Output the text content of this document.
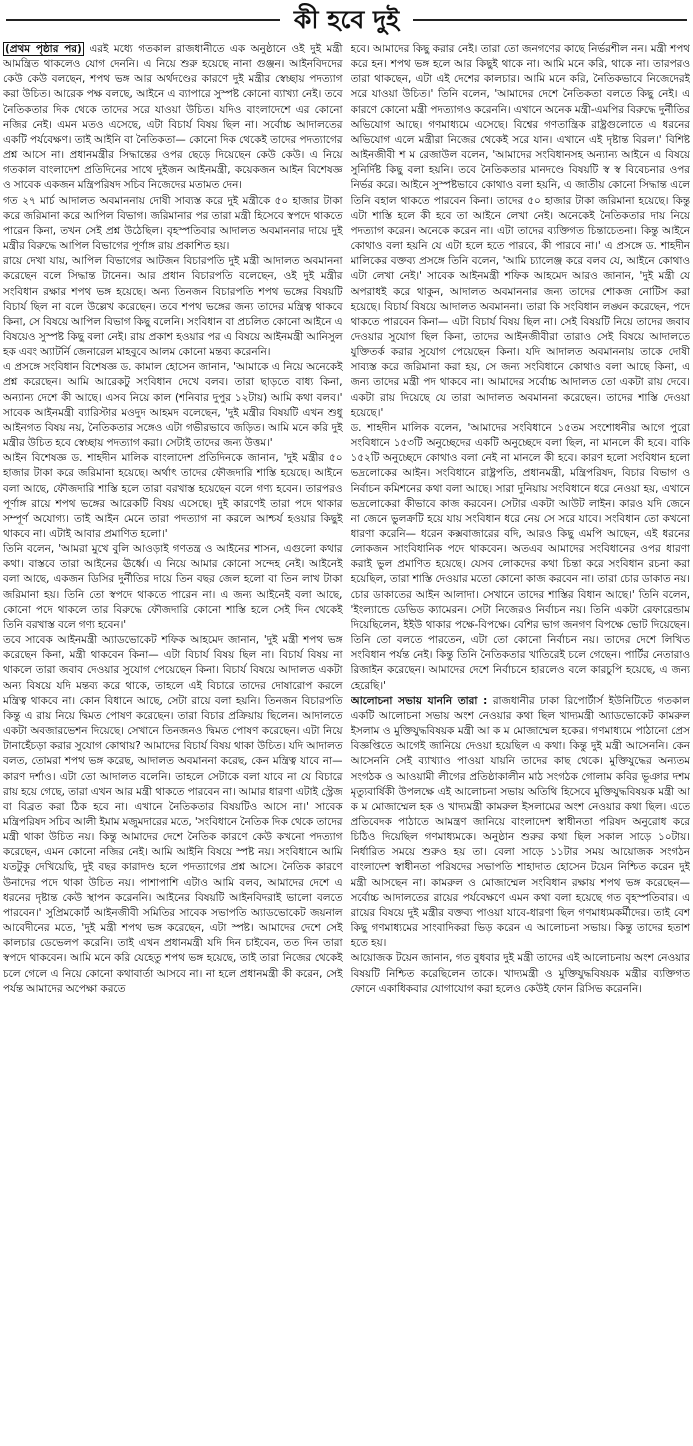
কী হবে দুই

(প্রথম পৃষ্ঠার পর) এরই মধ্যে গতকাল রাজধানীতে এক অনুষ্ঠানে ওই দুই মন্ত্রী আমন্ত্রিত থাকলেও যোগ দেননি। এ নিয়ে শুরু হয়েছে নানা গুঞ্জন। আইনবিদদের কেউ কেউ বলছেন, শপথ ভঙ্গ আর অর্থদণ্ডের কারণে দুই মন্ত্রীর স্বেচ্ছায় পদত্যাগ করা উচিত। আরেক পক্ষ বলছে, আইনে এ ব্যাপারে সুস্পষ্ট কোনো ব্যাখ্যা নেই। তবে নৈতিকতার দিক থেকে তাদের সরে যাওয়া উচিত। যদিও বাংলাদেশে এর কোনো নজির নেই। এমন মতও এসেছে, এটা বিচার্য বিষয় ছিল না। সর্বোচ্চ আদালতের একটি পর্যবেক্ষণ। তাই আইনি বা নৈতিকতা— কোনো দিক থেকেই তাদের পদত্যাগের প্রশ্ন আসে না। প্রধানমন্ত্রীর সিদ্ধান্তের ওপর ছেড়ে দিয়েছেন কেউ কেউ। এ নিয়ে গতকাল বাংলাদেশ প্রতিদিনের সাথে দুইজন আইনমন্ত্রী, কয়েকজন আইন বিশেষজ্ঞ ও সাবেক একজন মন্ত্রিপরিষদ সচিব নিজেদের মতামত দেন।

গত ২৭ মার্চ আদালত অবমাননায় দোষী সাব্যস্ত করে দুই মন্ত্রীকে ৫০ হাজার টাকা করে জরিমানা করে আপিল বিভাগ। জরিমানার পর তারা মন্ত্রী হিসেবে স্বপদে থাকতে পারেন কিনা, তখন সেই প্রশ্ন উঠেছিল। বৃহস্পতিবার আদালত অবমাননার দায়ে দুই মন্ত্রীর বিরুদ্ধে আপিল বিভাগের পূর্ণাঙ্গ রায় প্রকাশিত হয়।

রায়ে দেখা যায়, আপিল বিভাগের আটজন বিচারপতি দুই মন্ত্রী আদালত অবমাননা করেছেন বলে সিদ্ধান্ত টানেন। আর প্রধান বিচারপতি বলেছেন, ওই দুই মন্ত্রীর সংবিধান রক্ষার শপথ ভঙ্গ হয়েছে। অন্য তিনজন বিচারপতি শপথ ভঙ্গের বিষয়টি বিচার্য ছিল না বলে উল্লেখ করেছেন। তবে শপথ ভঙ্গের জন্য তাদের মন্ত্রিত্ব থাকবে কিনা, সে বিষয়ে আপিল বিভাগ কিছু বলেনি। সংবিধান বা প্রচলিত কোনো আইনে এ বিষয়েও সুস্পষ্ট কিছু বলা নেই। রায় প্রকাশ হওয়ার পর এ বিষয়ে আইনমন্ত্রী আনিসুল হক এবং অ্যাটর্নি জেনারেল মাহবুবে আলম কোনো মন্তব্য করেননি।

এ প্রসঙ্গে সংবিধান বিশেষজ্ঞ ড. কামাল হোসেন জানান, 'আমাকে এ নিয়ে অনেকেই প্রশ্ন করেছেন। আমি আরেকটু সংবিধান দেখে বলব। তারা ছাড়তে বাধ্য কিনা, অন্যান্য দেশে কী আছে। এসব নিয়ে কাল (শনিবার দুপুর ১২টায়) আমি কথা বলব।' সাবেক আইনমন্ত্রী ব্যারিস্টার মওদুদ আহমদ বলেছেন, 'দুই মন্ত্রীর বিষয়টি এখন শুধু আইনগত বিষয় নয়, নৈতিকতার সঙ্গেও এটা গভীরভাবে জড়িত। আমি মনে করি দুই মন্ত্রীর উচিত হবে স্বেচ্ছায় পদত্যাগ করা। সেটাই তাদের জন্য উত্তম।'

আইন বিশেষজ্ঞ ড. শাহদীন মালিক বাংলাদেশ প্রতিদিনকে জানান, 'দুই মন্ত্রীর ৫০ হাজার টাকা করে জরিমানা হয়েছে। অর্থাৎ তাদের ফৌজদারি শাস্তি হয়েছে। আইনে বলা আছে, ফৌজদারি শাস্তি হলে তারা বরখাস্ত হয়েছেন বলে গণ্য হবেন। তারপরও পূর্ণাঙ্গ রায়ে শপথ ভঙ্গের আরেকটি বিষয় এসেছে। দুই কারণেই তারা পদে থাকার সম্পূর্ণ অযোগ্য। তাই আইন মেনে তারা পদত্যাগ না করলে আশ্চর্য হওয়ার কিছুই থাকবে না। এটাই আবার প্রমাণিত হলো।'

তিনি বলেন, 'আমরা মুখে বুলি আওড়াই গণতন্ত্র ও আইনের শাসন, এগুলো কথার কথা। বাস্তবে তারা আইনের ঊর্ধ্বে। এ নিয়ে আমার কোনো সন্দেহ নেই। আইনেই বলা আছে, একজন ডিসির দুর্নীতির দায়ে তিন বছর জেল হলো বা তিন লাখ টাকা জরিমানা হয়। তিনি তো স্বপদে থাকতে পারেন না। এ জন্য আইনেই বলা আছে, কোনো পদে থাকলে তার বিরুদ্ধে ফৌজদারি কোনো শাস্তি হলে সেই দিন থেকেই তিনি বরখাস্ত বলে গণ্য হবেন।'

তবে সাবেক আইনমন্ত্রী অ্যাডভোকেট শফিক আহমেদ জানান, 'দুই মন্ত্রী শপথ ভঙ্গ করেছেন কিনা, মন্ত্রী থাকবেন কিনা— এটা বিচার্য বিষয় ছিল না। বিচার্য বিষয় না থাকলে তারা জবাব দেওয়ার সুযোগ পেয়েছেন কিনা। বিচার্য বিষয়ে আদালত একটা অন্য বিষয়ে যদি মন্তব্য করে থাকে, তাহলে এই বিচারে তাদের দোষারোপ করলে মন্ত্রিত্ব থাকবে না। কোন বিধানে আছে, সেটা রায়ে বলা হয়নি। তিনজন বিচারপতি কিন্তু এ রায় নিয়ে দ্বিমত পোষণ করেছেন। তারা বিচার প্রক্রিয়ায় ছিলেন। আদালতে একটা অবজারভেশন দিয়েছে। সেখানে তিনজনও দ্বিমত পোষণ করেছেন। এটা নিয়ে টানাহেঁচড়া করার সুযোগ কোথায়? আমাদের বিচার্য বিষয় থাকা উচিত। যদি আদালত বলত, তোমরা শপথ ভঙ্গ করেছ, আদালত অবমাননা করেছ, কেন মন্ত্রিত্ব যাবে না— কারণ দর্শাও। এটা তো আদালত বলেনি। তাহলে সেটাকে বলা যাবে না যে বিচারে রায় হয়ে গেছে, তারা এখন আর মন্ত্রী থাকতে পারবেন না। আমার ধারণা এটাই স্ট্রেজ বা বিব্রত করা ঠিক হবে না। এখানে নৈতিকতার বিষয়টিও আসে না।' সাবেক মন্ত্রিপরিষদ সচিব আলী ইমাম মজুমদারের মতে, 'সংবিধানে নৈতিক দিক থেকে তাদের মন্ত্রী থাকা উচিত নয়। কিন্তু আমাদের দেশে নৈতিক কারণে কেউ কখনো পদত্যাগ করেছেন, এমন কোনো নজির নেই। আমি আইনি বিষয়ে স্পষ্ট নয়। সংবিধানে আমি যতটুকু দেখিয়েছি, দুই বছর কারাদণ্ড হলে পদত্যাগের প্রশ্ন আসে। নৈতিক কারণে উনাদের পদে থাকা উচিত নয়। পাশাপাশি এটাও আমি বলব, আমাদের দেশে এ ধরনের দৃষ্টান্ত কেউ স্থাপন করেননি। আইনের বিষয়টি আইনবিদরাই ভালো বলতে পারবেন।' সুপ্রিমকোর্ট আইনজীবী সমিতির সাবেক সভাপতি অ্যাডভোকেট জয়নাল আবেদীনের মতে, 'দুই মন্ত্রী শপথ ভঙ্গ করেছেন, এটা স্পষ্ট। আমাদের দেশে সেই কালচার ডেভেলপ করেনি। তাই এখন প্রধানমন্ত্রী যদি দিন চাইবেন, তত দিন তারা স্বপদে থাকবেন। আমি মনে করি যেহেতু শপথ ভঙ্গ হয়েছে, তাই তারা নিজের থেকেই চলে গেলে এ নিয়ে কোনো কথাবার্তা আসবে না। না হলে প্রধানমন্ত্রী কী করেন, সেই পর্যন্ত আমাদের অপেক্ষা করতে

হবে। আমাদের কিছু করার নেই। তারা তো জনগণের কাছে নির্ভরশীল নন। মন্ত্রী শপথ করে হন। শপথ ভঙ্গ হলে আর কিছুই থাকে না। আমি মনে করি, থাকে না। তারপরও তারা থাকছেন, এটা এই দেশের কালচার। আমি মনে করি, নৈতিকভাবে নিজেদেরই সরে যাওয়া উচিত।' তিনি বলেন, 'আমাদের দেশে নৈতিকতা বলতে কিছু নেই। এ কারণে কোনো মন্ত্রী পদত্যাগও করেননি। এখানে অনেক মন্ত্রী-এমপির বিরুদ্ধে দুর্নীতির অভিযোগ আছে। গণমাধ্যমে এসেছে। বিশ্বের গণতান্ত্রিক রাষ্ট্রগুলোতে এ ধরনের অভিযোগ এলে মন্ত্রীরা নিজের থেকেই সরে যান। এখানে এই দৃষ্টান্ত বিরল।' বিশিষ্ট আইনজীবী শ ম রেজাউল বলেন, 'আমাদের সংবিধানসহ অন্যান্য আইনে এ বিষয়ে সুনির্দিষ্ট কিছু বলা হয়নি। তবে নৈতিকতার মানদণ্ডে বিষয়টি স্ব স্ব বিবেচনার ওপর নির্ভর করে। আইনে সুস্পষ্টভাবে কোথাও বলা হয়নি, এ জাতীয় কোনো সিদ্ধান্ত এলে তিনি বহাল থাকতে পারবেন কিনা। তাদের ৫০ হাজার টাকা জরিমানা হয়েছে। কিন্তু এটা শাস্তি হলে কী হবে তা আইনে লেখা নেই। অনেকেই নৈতিকতার দায় নিয়ে পদত্যাগ করেন। অনেকে করেন না। এটা তাদের ব্যক্তিগত চিন্তাচেতনা। কিন্তু আইনে কোথাও বলা হয়নি যে এটা হলে হতে পারবে, কী পারবে না।' এ প্রসঙ্গে ড. শাহদীন মালিকের বক্তব্য প্রসঙ্গে তিনি বলেন, 'আমি চ্যালেঞ্জ করে বলব যে, আইনে কোথাও এটা লেখা নেই।' সাবেক আইনমন্ত্রী শফিক আহমেদ আরও জানান, 'দুই মন্ত্রী যে অপরাধই করে থাকুন, আদালত অবমাননার জন্য তাদের শোকজ নোটিস করা হয়েছে। বিচার্য বিষয়ে আদালত অবমাননা। তারা কি সংবিধান লঙ্ঘন করেছেন, পদে থাকতে পারবেন কিনা— এটা বিচার্য বিষয় ছিল না। সেই বিষয়টি নিয়ে তাদের জবাব দেওয়ার সুযোগ ছিল কিনা, তাদের আইনজীবীরা তারাও সেই বিষয়ে আদালতে যুক্তিতর্ক করার সুযোগ পেয়েছেন কিনা। যদি আদালত অবমাননায় তাকে দোষী সাব্যস্ত করে জরিমানা করা হয়, সে জন্য সংবিধানে কোথাও বলা আছে কিনা, এ জন্য তাদের মন্ত্রী পদ থাকবে না। আমাদের সর্বোচ্চ আদালত তো একটা রায় দেবে। একটা রায় দিয়েছে যে তারা আদালত অবমাননা করেছেন। তাদের শাস্তি দেওয়া হয়েছে।'

ড. শাহদীন মালিক বলেন, 'আমাদের সংবিধানে ১৫তম সংশোধনীর আগে পুরো সংবিধানে ১৫৩টি অনুচ্ছেদের একটি অনুচ্ছেদে বলা ছিল, না মানলে কী হবে। বাকি ১৫২টি অনুচ্ছেদে কোথাও বলা নেই না মানলে কী হবে। কারণ হলো সংবিধান হলো ভদ্রলোকের আইন। সংবিধানে রাষ্ট্রপতি, প্রধানমন্ত্রী, মন্ত্রিপরিষদ, বিচার বিভাগ ও নির্বাচন কমিশনের কথা বলা আছে। সারা দুনিয়ায় সংবিধানে ধরে নেওয়া হয়, এখানে ভদ্রলোকেরা কীভাবে কাজ করবেন। সেটার একটা আউট লাইন। কারও যদি জেনে না জেনে ভুলক্রটি হয়ে যায় সংবিধান ধরে নেয় সে সরে যাবে। সংবিধান তো কখনো ধারণা করেনি— ধরেন কক্সবাজারের বদি, আরও কিছু এমপি আছেন, এই ধরনের লোকজন সাংবিধানিক পদে থাকবেন। অতএব আমাদের সংবিধানের ওপর ধারণা করাই ভুল প্রমাণিত হয়েছে। যেসব লোকদের কথা চিন্তা করে সংবিধান রচনা করা হয়েছিল, তারা শাস্তি দেওয়ার মতো কোনো কাজ করবেন না। তারা চোর ডাকাত নয়। চোর ডাকাতের আইন আলাদা। সেখানে তাদের শাস্তির বিধান আছে।' তিনি বলেন, 'ইংল্যান্ডে ডেভিড ক্যামেরন। সেটা নিজেরও নির্বাচন নয়। তিনি একটা রেফারেন্ডাম দিয়েছিলেন, ইইউ থাকার পক্ষে-বিপক্ষে। বেশির ভাগ জনগণ বিপক্ষে ভোট দিয়েছেন। তিনি তো বলতে পারতেন, এটা তো কোনো নির্বাচন নয়। তাদের দেশে লিখিত সংবিধান পর্যন্ত নেই। কিন্তু তিনি নৈতিকতার খাতিরেই চলে গেছেন। পার্টির নেতারাও রিজাইন করেছেন। আমাদের দেশে নির্বাচনে হারলেও বলে কারচুপি হয়েছে, এ জন্য হেরেছি।'

আলোচনা সভায় যাননি তারা : রাজধানীর ঢাকা রিপোর্টার্স ইউনিটিতে গতকাল একটি আলোচনা সভায় অংশ নেওয়ার কথা ছিল খাদ্যমন্ত্রী অ্যাডভোকেট কামরুল ইসলাম ও মুক্তিযুদ্ধবিষয়ক মন্ত্রী আ ক ম মোজাম্মেল হকের। গণমাধ্যমে পাঠানো প্রেস বিজ্ঞপ্তিতে আগেই জানিয়ে দেওয়া হয়েছিল এ কথা। কিন্তু দুই মন্ত্রী আসেননি। কেন আসেননি সেই ব্যাখ্যাও পাওয়া যায়নি তাদের কাছ থেকে। মুক্তিযুদ্ধের অন্যতম সংগঠক ও আওয়ামী লীগের প্রতিষ্ঠাকালীন মাঠ সংগঠক গোলাম কবির ভূঞার দশম মৃত্যুবার্ষিকী উপলক্ষে এই আলোচনা সভায় অতিথি হিসেবে মুক্তিযুদ্ধবিষয়ক মন্ত্রী আ ক ম মোজাম্মেল হক ও খাদ্যমন্ত্রী কামরুল ইসলামের অংশ নেওয়ার কথা ছিল। এতে প্রতিবেদক পাঠাতে আমন্ত্রণ জানিয়ে বাংলাদেশ স্বাধীনতা পরিষদ অনুরোধ করে চিঠিও দিয়েছিল গণমাধ্যমকে। অনুষ্ঠান শুরুর কথা ছিল সকাল সাড়ে ১০টায়। নির্ধারিত সময়ে শুরুও হয় তা। বেলা সাড়ে ১১টার সময় আয়োজক সংগঠন বাংলাদেশ স্বাধীনতা পরিষদের সভাপতি শাহাদাত হোসেন টয়েন নিশ্চিত করেন দুই মন্ত্রী আসছেন না। কামরুল ও মোজাম্মেল সংবিধান রক্ষায় শপথ ভঙ্গ করেছেন— সর্বোচ্চ আদালতের রায়ের পর্যবেক্ষণে এমন কথা বলা হয়েছে গত বৃহস্পতিবার। এ রায়ের বিষয়ে দুই মন্ত্রীর বক্তব্য পাওয়া যাবে-ধারণা ছিল গণমাধ্যমকর্মীদের। তাই বেশ কিছু গণমাধ্যমের সাংবাদিকরা ভিড় করেন এ আলোচনা সভায়। কিন্তু তাদের হতাশ হতে হয়।

আয়োজক টয়েন জানান, গত বুধবার দুই মন্ত্রী তাদের এই আলোচনায় অংশ নেওয়ার বিষয়টি নিশ্চিত করেছিলেন তাকে। খাদ্যমন্ত্রী ও মুক্তিযুদ্ধবিষয়ক মন্ত্রীর ব্যক্তিগত ফোনে একাধিকবার যোগাযোগ করা হলেও কেউই ফোন রিসিভ করেননি।
